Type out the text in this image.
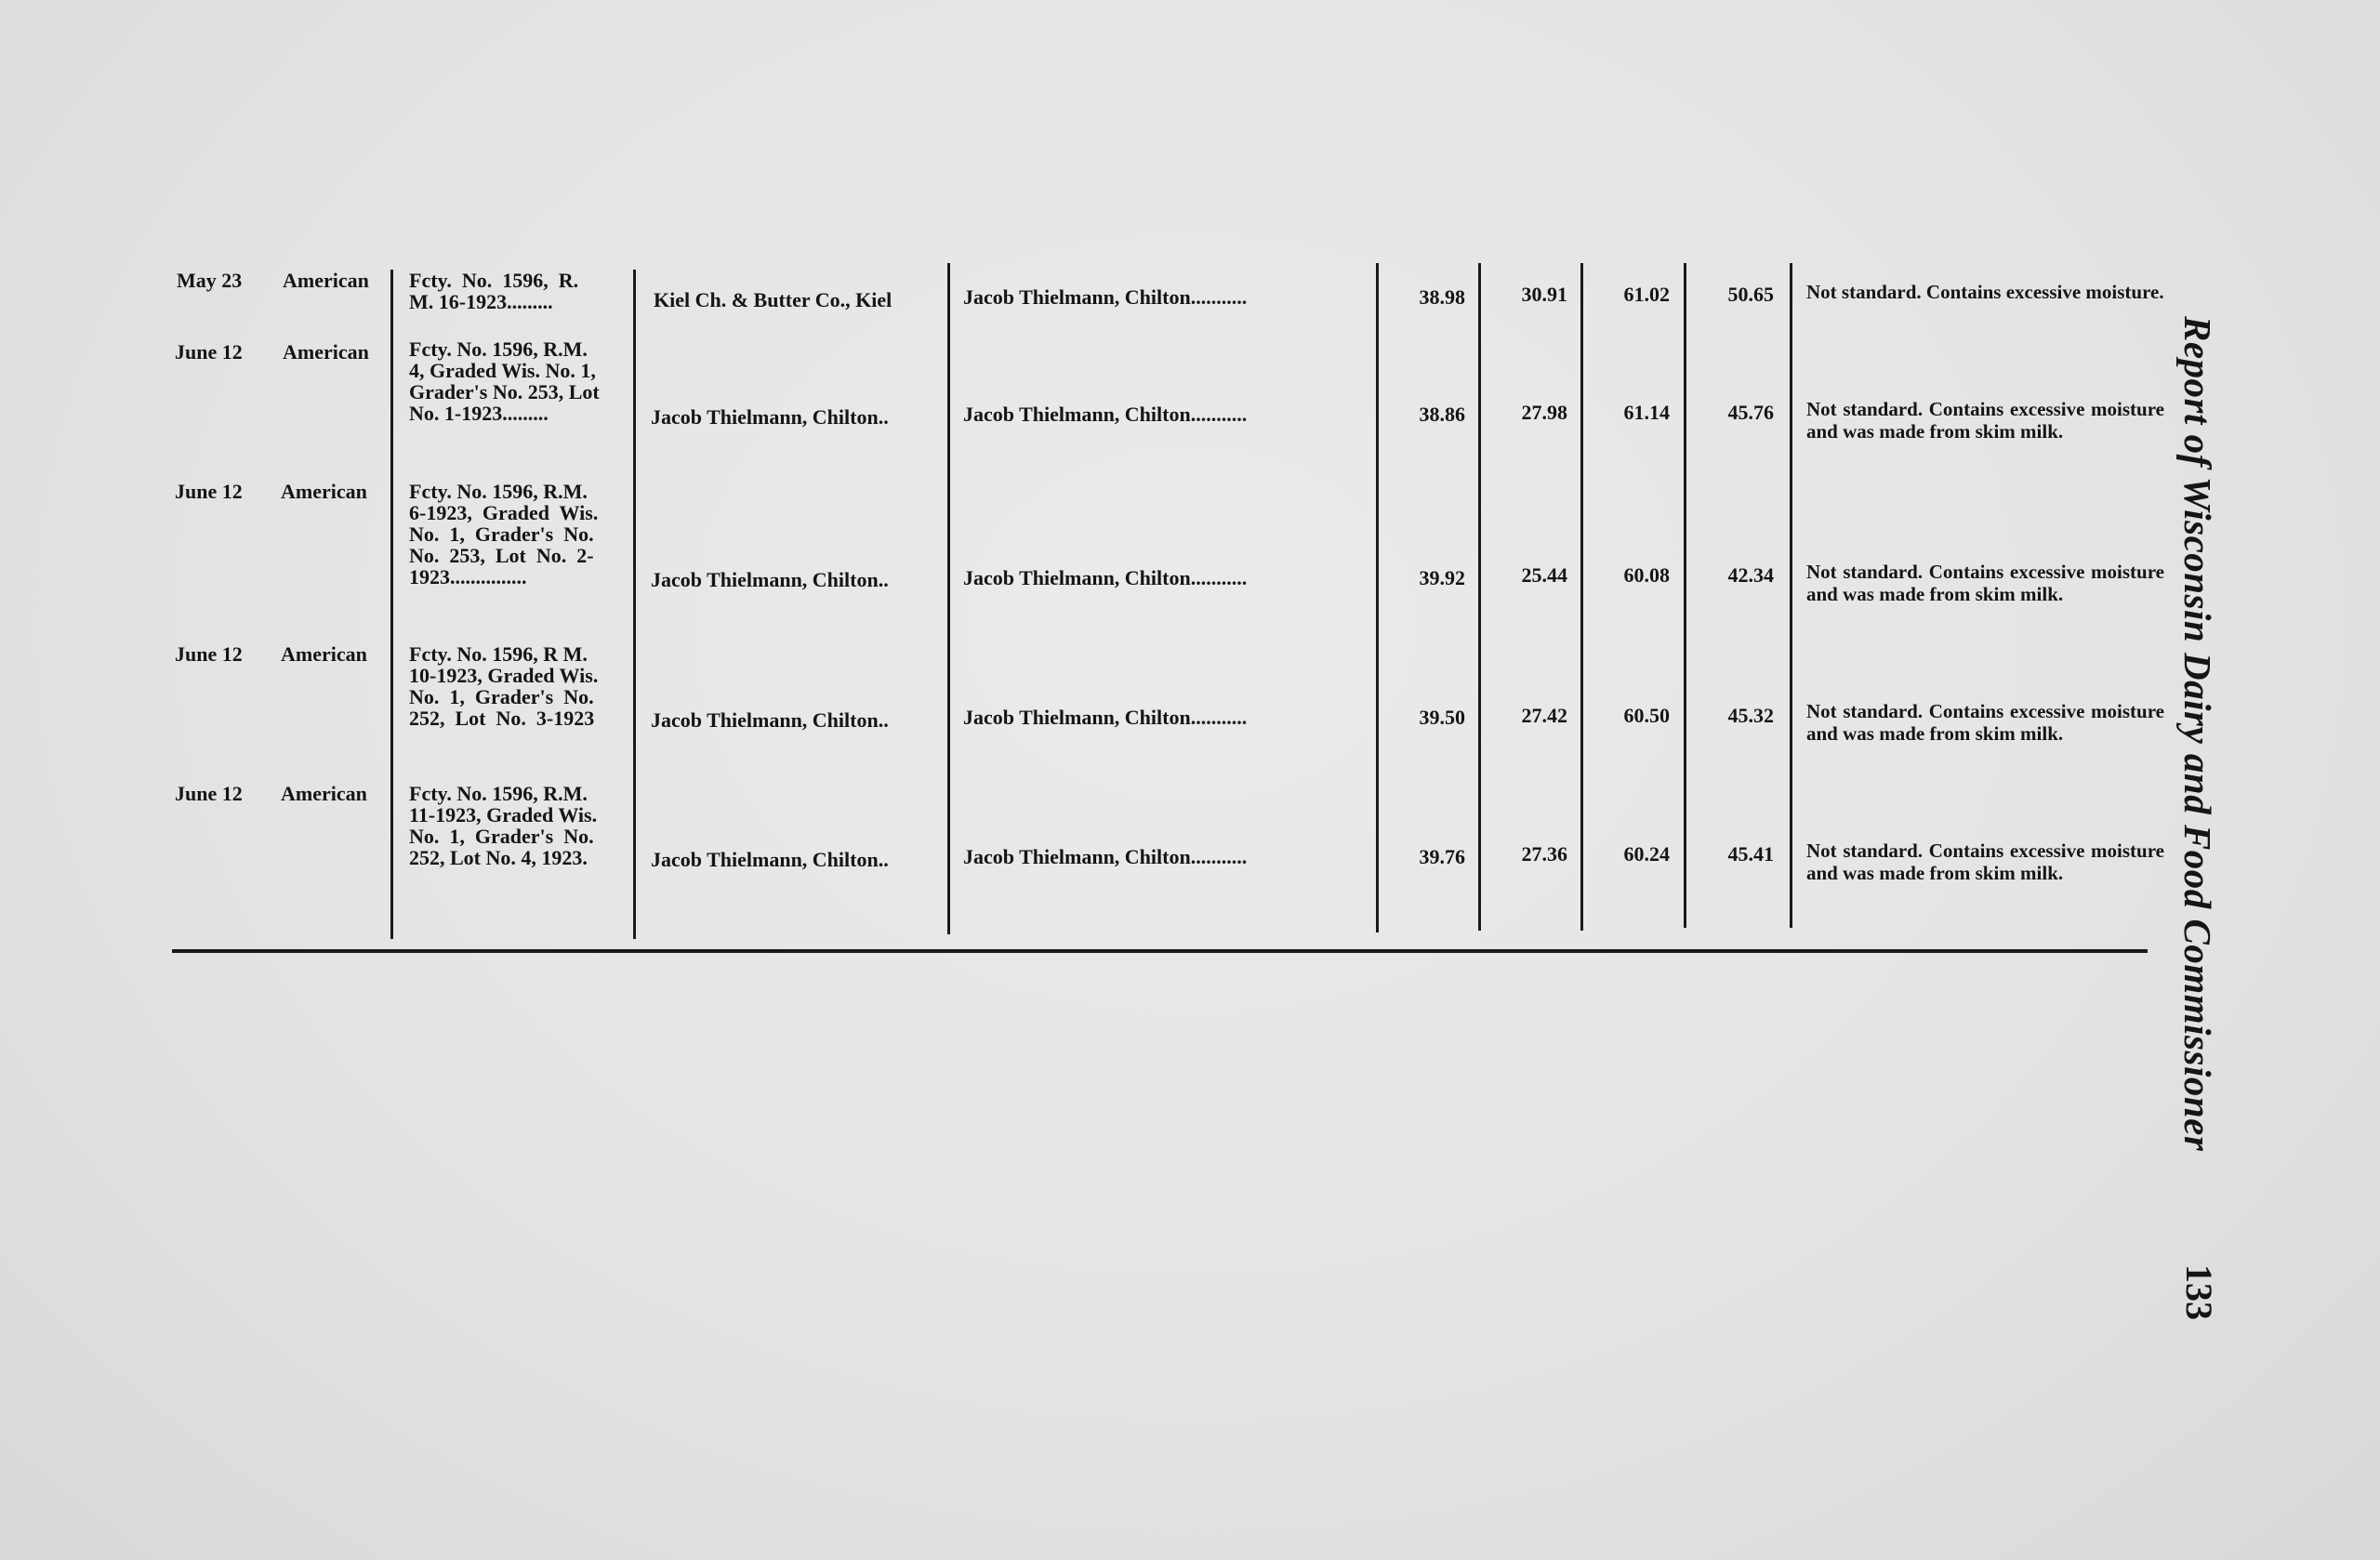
May 23 American Fcty.  No.  1596,  R.
M. 16-1923.........	Kiel Ch. & Butter Co., Kiel	Jacob Thielmann, Chilton...........	38.98	30.91	61.02	50.65 Not standard. Contains excessive moisture.
June 12 American Fcty. No. 1596, R.M.
4, Graded Wis. No. 1,
Grader's No. 253, Lot
No. 1-1923.........	Jacob Thielmann, Chilton..	Jacob Thielmann, Chilton...........	38.86	27.98	61.14	45.76 Not standard. Contains excessive moisture and was made from skim milk.
June 12 American Fcty. No. 1596, R.M.
6-1923,  Graded  Wis.
No.  1,  Grader's  No.
No.  253,  Lot  No.  2-
1923...............	Jacob Thielmann, Chilton..	Jacob Thielmann, Chilton...........	39.92	25.44	60.08	42.34 Not standard. Contains excessive moisture and was made from skim milk.
June 12 American Fcty. No. 1596, R M.
10-1923, Graded Wis.
No.  1,  Grader's  No.
252,  Lot  No.  3-1923	Jacob Thielmann, Chilton..	Jacob Thielmann, Chilton...........	39.50	27.42	60.50	45.32 Not standard. Contains excessive moisture and was made from skim milk.
June 12 American Fcty. No. 1596, R.M.
11-1923, Graded Wis.
No.  1,  Grader's  No.
252, Lot No. 4, 1923.	Jacob Thielmann, Chilton..	Jacob Thielmann, Chilton...........	39.76	27.36	60.24	45.41 Not standard. Contains excessive moisture and was made from skim milk.	Report of Wisconsin Dairy and Food Commissioner
133
